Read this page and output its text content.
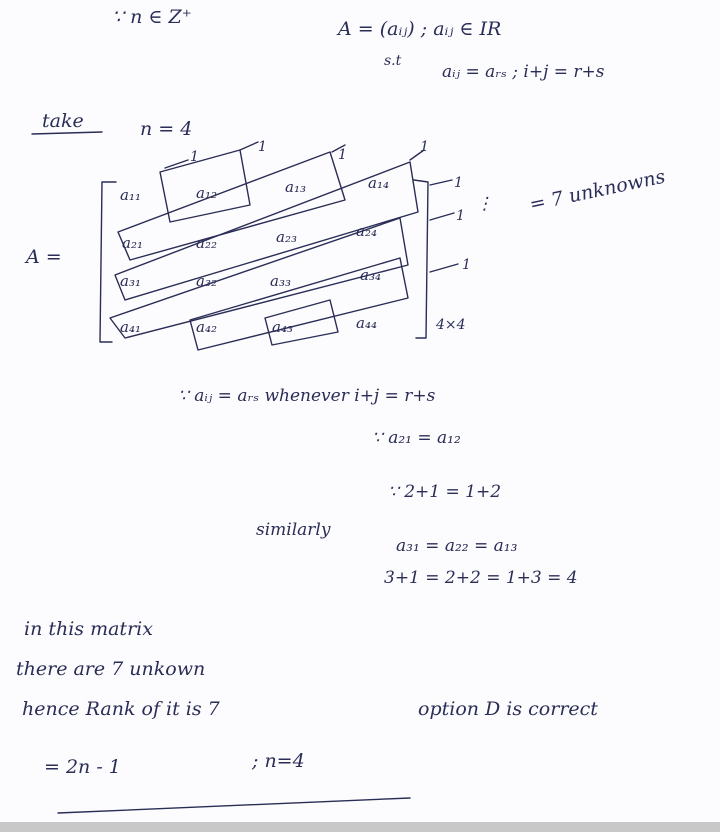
∵ n ∈ Z⁺
A = (aᵢⱼ) ; aᵢⱼ ∈ IR
s.t
aᵢⱼ = aᵣₛ ; i+j = r+s
take	n = 4
A =
a₁₁	a₁₂	a₁₃	a₁₄
a₂₁	a₂₂	a₂₃	a₂₄
a₃₁	a₃₂	a₃₃	a₃₄
a₄₁	a₄₂	a₄₃	a₄₄	4×4
1
1	1	1
1
1
1
⋮ = 7 unknowns
∵ aᵢⱼ = aᵣₛ whenever i+j = r+s
∵ a₂₁ = a₁₂
∵ 2+1 = 1+2
similarly
a₃₁ = a₂₂ = a₁₃
3+1 = 2+2 = 1+3 = 4
in this matrix
there are 7 unkown
hence Rank of it is 7
= 2n - 1	; n=4
option D is correct
